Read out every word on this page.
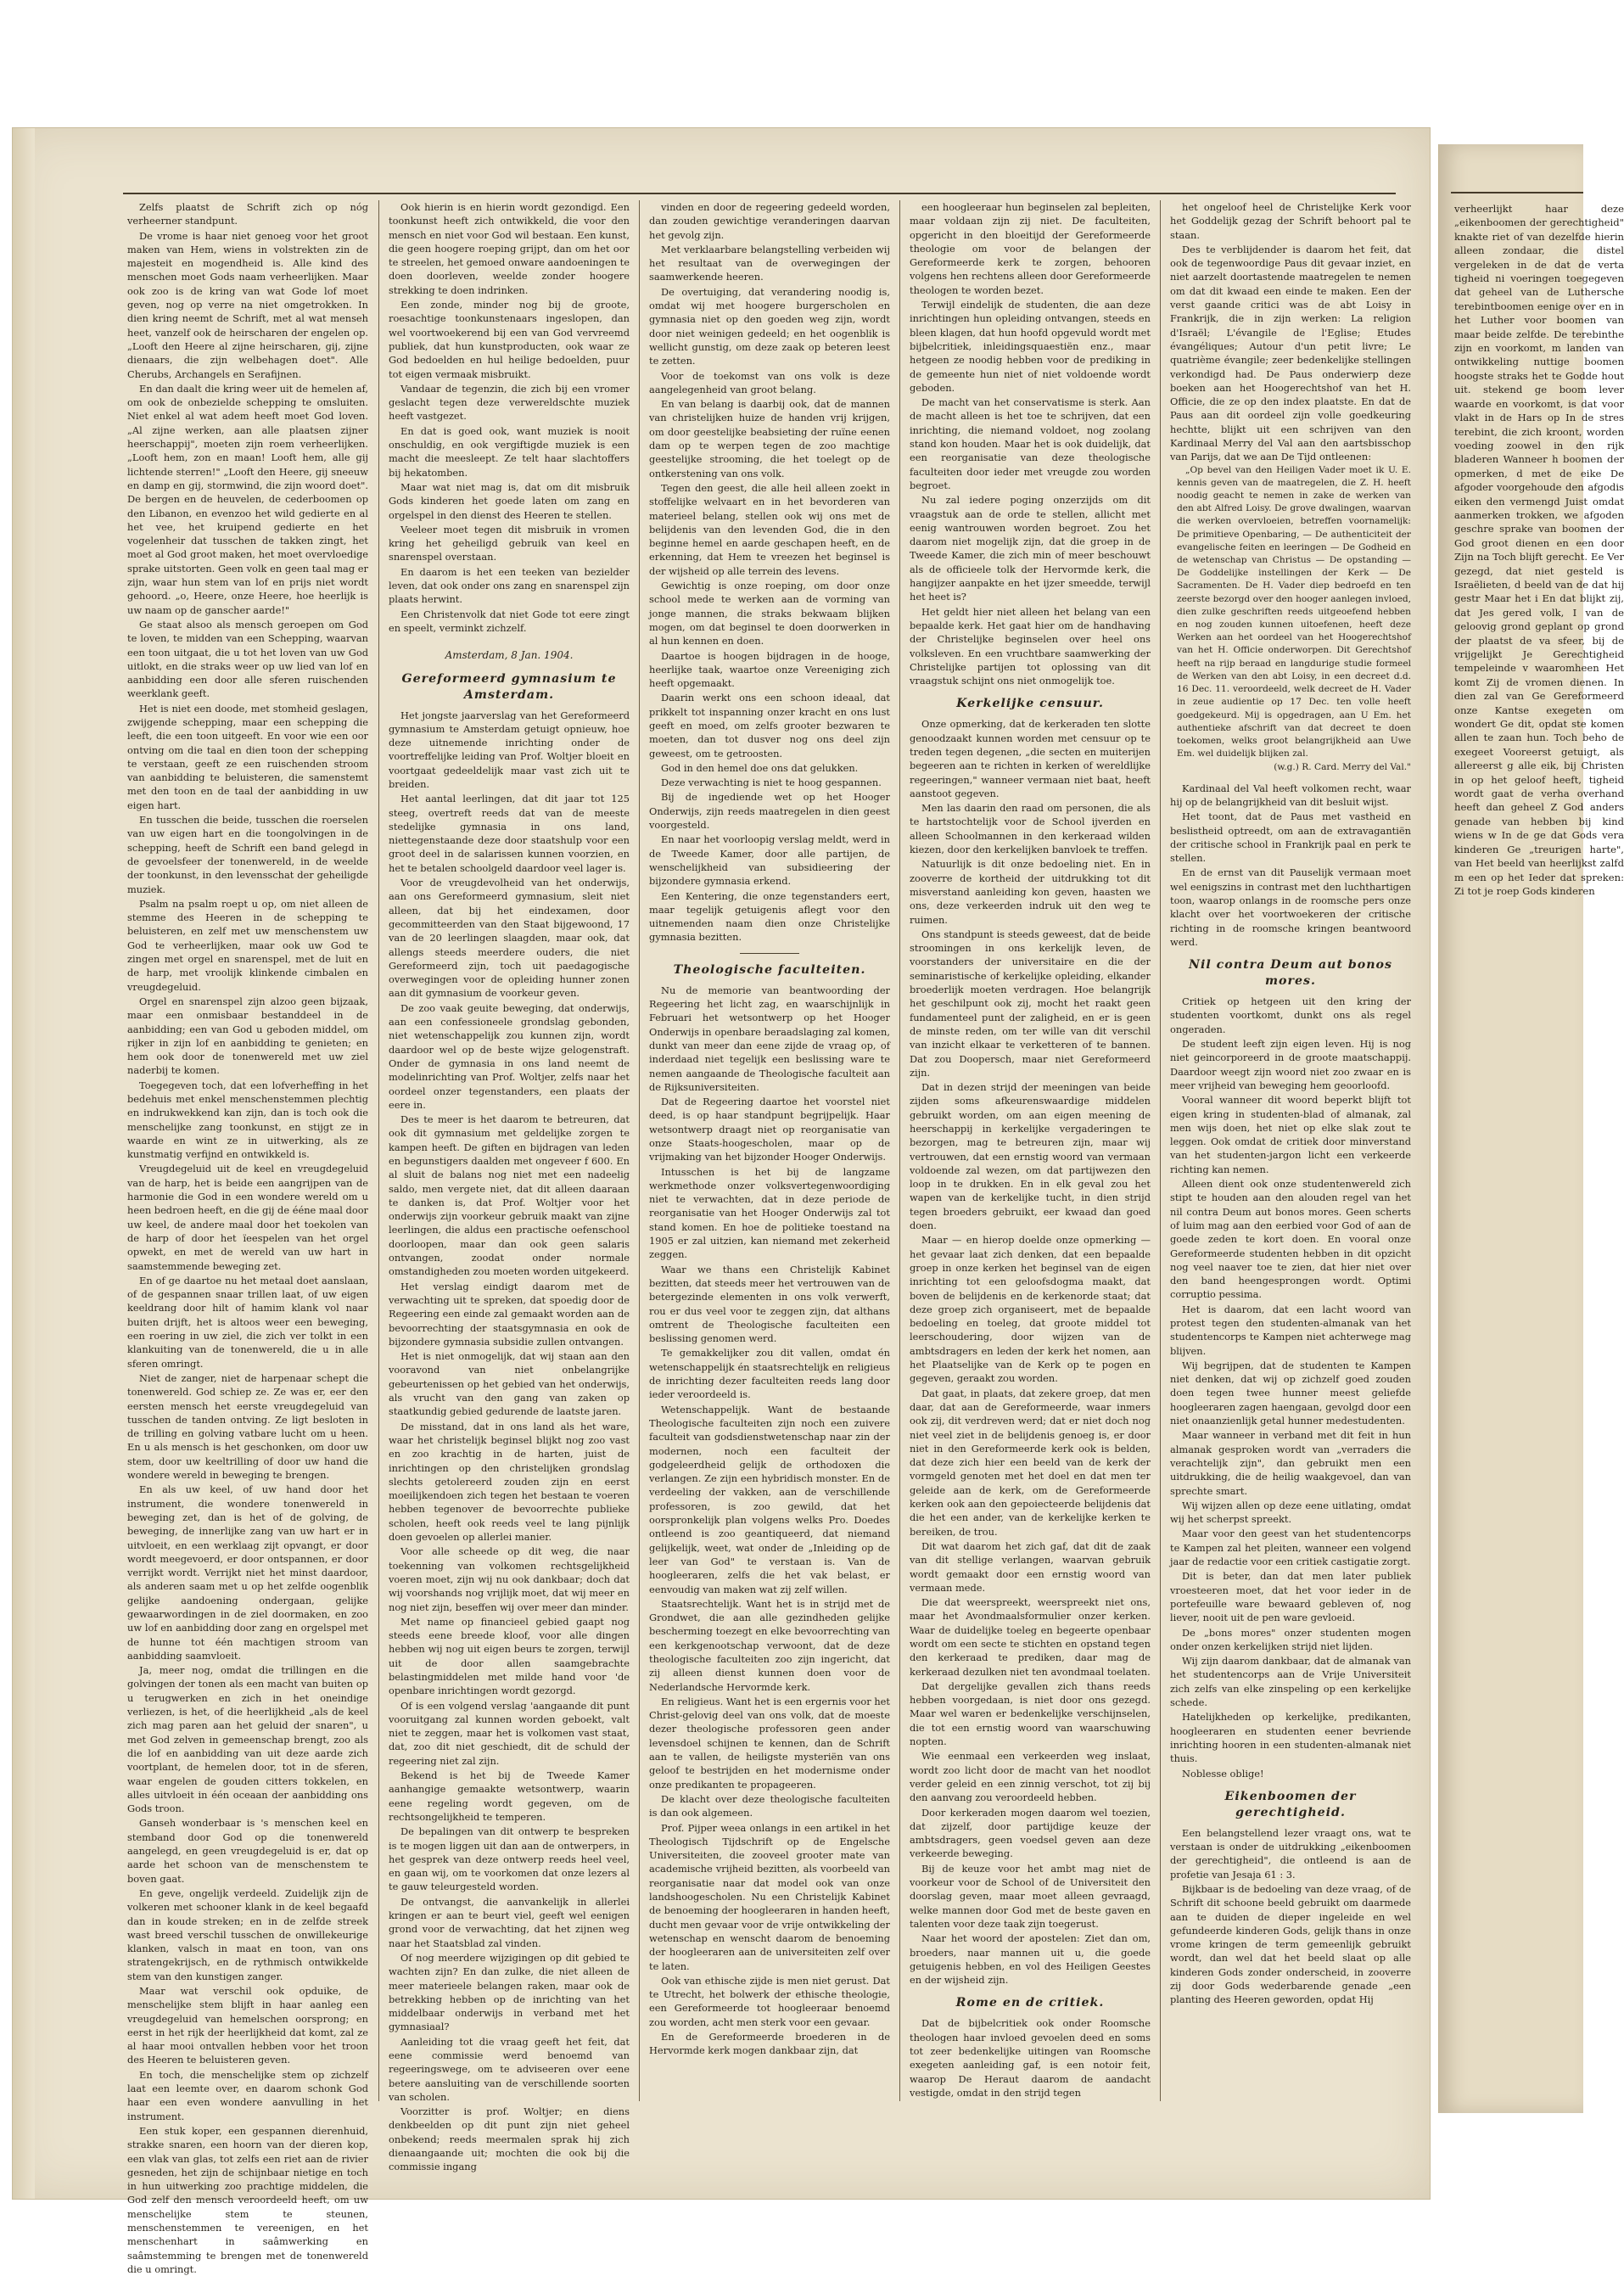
Zelfs plaatst de Schrift zich op nóg verheerner standpunt.

De vrome is haar niet genoeg voor het groot maken van Hem, wiens in volstrekten zin de majesteit en mogendheid is. Alle kind des menschen moet Gods naam verheerlijken. Maar ook zoo is de kring van wat Gode lof moet geven, nog op verre na niet omgetrokken. In dien kring neemt de Schrift, met al wat menseh heet, vanzelf ook de heirscharen der engelen op. „Looft den Heere al zijne heirscharen, gij, zijne dienaars, die zijn welbehagen doet". Alle Cherubs, Archangels en Serafijnen.

En dan daalt die kring weer uit de hemelen af, om ook de onbezielde schepping te omsluiten. Niet enkel al wat adem heeft moet God loven. „Al zijne werken, aan alle plaatsen zijner heerschappij", moeten zijn roem verheerlijken. „Looft hem, zon en maan! Looft hem, alle gij lichtende sterren!" „Looft den Heere, gij sneeuw en damp en gij, stormwind, die zijn woord doet". De bergen en de heuvelen, de cederboomen op den Libanon, en evenzoo het wild gedierte en al het vee, het kruipend gedierte en het vogelenheir dat tusschen de takken zingt, het moet al God groot maken, het moet overvloedige sprake uitstorten. Geen volk en geen taal mag er zijn, waar hun stem van lof en prijs niet wordt gehoord. „o, Heere, onze Heere, hoe heerlijk is uw naam op de ganscher aarde!"

Ge staat alsoo als mensch geroepen om God te loven, te midden van een Schepping, waarvan een toon uitgaat, die u tot het loven van uw God uitlokt, en die straks weer op uw lied van lof en aanbidding een door alle sferen ruischenden weerklank geeft.

Het is niet een doode, met stomheid geslagen, zwijgende schepping, maar een schepping die leeft, die een toon uitgeeft. En voor wie een oor ontving om die taal en dien toon der schepping te verstaan, geeft ze een ruischenden stroom van aanbidding te beluisteren, die samenstemt met den toon en de taal der aanbidding in uw eigen hart.

En tusschen die beide, tusschen die roerselen van uw eigen hart en die toongolvingen in de schepping, heeft de Schrift een band gelegd in de gevoelsfeer der tonenwereld, in de weelde der toonkunst, in den levensschat der geheiligde muziek.

Psalm na psalm roept u op, om niet alleen de stemme des Heeren in de schepping te beluisteren, en zelf met uw menschenstem uw God te verheerlijken, maar ook uw God te zingen met orgel en snarenspel, met de luit en de harp, met vroolijk klinkende cimbalen en vreugdegeluid.

Orgel en snarenspel zijn alzoo geen bijzaak, maar een onmisbaar bestanddeel in de aanbidding; een van God u geboden middel, om rijker in zijn lof en aanbidding te genieten; en hem ook door de tonenwereld met uw ziel naderbij te komen.

Toegegeven toch, dat een lofverheffing in het bedehuis met enkel menschenstemmen plechtig en indrukwekkend kan zijn, dan is toch ook die menschelijke zang toonkunst, en stijgt ze in waarde en wint ze in uitwerking, als ze kunstmatig verfijnd en ontwikkeld is.

Vreugdegeluid uit de keel en vreugdegeluid van de harp, het is beide een aangrijpen van de harmonie die God in een wondere wereld om u heen bedroen heeft, en die gij de ééne maal door uw keel, de andere maal door het toekolen van de harp of door het ïeespelen van het orgel opwekt, en met de wereld van uw hart in saamstemmende beweging zet.

En of ge daartoe nu het metaal doet aanslaan, of de gespannen snaar trillen laat, of uw eigen keeldrang door hilt of hamim klank vol naar buiten drijft, het is altoos weer een beweging, een roering in uw ziel, die zich ver tolkt in een klankuiting van de tonenwereld, die u in alle sferen omringt.

Niet de zanger, niet de harpenaar schept die tonenwereld. God schiep ze. Ze was er, eer den eersten mensch het eerste vreugdegeluid van tusschen de tanden ontving. Ze ligt besloten in de trilling en golving vatbare lucht om u heen. En u als mensch is het geschonken, om door uw stem, door uw keeltrilling of door uw hand die wondere wereld in beweging te brengen.

En als uw keel, of uw hand door het instrument, die wondere tonenwereld in beweging zet, dan is het of de golving, de beweging, de innerlijke zang van uw hart er in uitvloeit, en een werklaag zijt opvangt, er door wordt meegevoerd, er door ontspannen, er door verrijkt wordt. Verrijkt niet het minst daardoor, als anderen saam met u op het zelfde oogenblik gelijke aandoening ondergaan, gelijke gewaarwordingen in de ziel doormaken, en zoo uw lof en aanbidding door zang en orgelspel met de hunne tot één machtigen stroom van aanbidding saamvloeit.

Ja, meer nog, omdat die trillingen en die golvingen der tonen als een macht van buiten op u terugwerken en zich in het oneindige verliezen, is het, of die heerlijkheid „als de keel zich mag paren aan het geluid der snaren", u met God zelven in gemeenschap brengt, zoo als die lof en aanbidding van uit deze aarde zich voortplant, de hemelen door, tot in de sferen, waar engelen de gouden citters tokkelen, en alles uitvloeit in één oceaan der aanbidding ons Gods troon.

Ganseh wonderbaar is 's menschen keel en stemband door God op die tonenwereld aangelegd, en geen vreugdegeluid is er, dat op aarde het schoon van de menschenstem te boven gaat.

En geve, ongelijk verdeeld. Zuidelijk zijn de volkeren met schooner klank in de keel begaafd dan in koude streken; en in de zelfde streek wast breed verschil tusschen de onwillekeurige klanken, valsch in maat en toon, van ons stratengekrijsch, en de rythmisch ontwikkelde stem van den kunstigen zanger.

Maar wat verschil ook opduike, de menschelijke stem blijft in haar aanleg een vreugdegeluid van hemelschen oorsprong; en eerst in het rijk der heerlijkheid dat komt, zal ze al haar mooi ontvallen hebben voor het troon des Heeren te beluisteren geven.

En toch, die menschelijke stem op zichzelf laat een leemte over, en daarom schonk God haar een even wondere aanvulling in het instrument.

Een stuk koper, een gespannen dierenhuid, strakke snaren, een hoorn van der dieren kop, een vlak van glas, tot zelfs een riet aan de rivier gesneden, het zijn de schijnbaar nietige en toch in hun uitwerking zoo prachtige middelen, die God zelf den mensch veroordeeld heeft, om uw menschelijke stem te steunen, menschenstemmen te vereenigen, en het menschenhart in saâmwerking en saâmstemming te brengen met de tonenwereld die u omringt.

Ook hierin is en hierin wordt gezondigd. Een toonkunst heeft zich ontwikkeld, die voor den mensch en niet voor God wil bestaan. Een kunst, die geen hoogere roeping grijpt, dan om het oor te streelen, het gemoed onware aandoeningen te doen doorleven, weelde zonder hoogere strekking te doen indrinken.

Een zonde, minder nog bij de groote, roesachtige toonkunstenaars ingeslopen, dan wel voortwoekerend bij een van God vervreemd publiek, dat hun kunstproducten, ook waar ze God bedoelden en hul heilige bedoelden, puur tot eigen vermaak misbruikt.

Vandaar de tegenzin, die zich bij een vromer geslacht tegen deze verwereldschte muziek heeft vastgezet.

En dat is goed ook, want muziek is nooit onschuldig, en ook vergiftigde muziek is een macht die meesleept. Ze telt haar slachtoffers bij hekatomben.

Maar wat niet mag is, dat om dit misbruik Gods kinderen het goede laten om zang en orgelspel in den dienst des Heeren te stellen.

Veeleer moet tegen dit misbruik in vromen kring het geheiligd gebruik van keel en snarenspel overstaan.

En daarom is het een teeken van bezielder leven, dat ook onder ons zang en snarenspel zijn plaats herwint.

Een Christenvolk dat niet Gode tot eere zingt en speelt, verminkt zichzelf.

Amsterdam, 8 Jan. 1904.
Gereformeerd gymnasium te Amsterdam.

Het jongste jaarverslag van het Gereformeerd gymnasium te Amsterdam getuigt opnieuw, hoe deze uitnemende inrichting onder de voortreffelijke leiding van Prof. Woltjer bloeit en voortgaat gedeeldelijk maar vast zich uit te breiden.

Het aantal leerlingen, dat dit jaar tot 125 steeg, overtreft reeds dat van de meeste stedelijke gymnasia in ons land, niettegenstaande deze door staatshulp voor een groot deel in de salarissen kunnen voorzien, en het te betalen schoolgeld daardoor veel lager is.

Voor de vreugdevolheid van het onderwijs, aan ons Gereformeerd gymnasium, sleit niet alleen, dat bij het eindexamen, door gecommitteerden van den Staat bijgewoond, 17 van de 20 leerlingen slaagden, maar ook, dat allengs steeds meerdere ouders, die niet Gereformeerd zijn, toch uit paedagogische overwegingen voor de opleiding hunner zonen aan dit gymnasium de voorkeur geven.

De zoo vaak geuite beweging, dat onderwijs, aan een confessioneele grondslag gebonden, niet wetenschappelijk zou kunnen zijn, wordt daardoor wel op de beste wijze gelogenstraft. Onder de gymnasia in ons land neemt de modelinrichting van Prof. Woltjer, zelfs naar het oordeel onzer tegenstanders, een plaats der eere in.

Des te meer is het daarom te betreuren, dat ook dit gymnasium met geldelijke zorgen te kampen heeft. De giften en bijdragen van leden en begunstigers daalden met ongeveer f 600. En al sluit de balans nog niet met een nadeelig saldo, men vergete niet, dat dit alleen daaraan te danken is, dat Prof. Woltjer voor het onderwijs zijn voorkeur gebruik maakt van zijne leerlingen, die aldus een practische oefenschool doorloopen, maar dan ook geen salaris ontvangen, zoodat onder normale omstandigheden zou moeten worden uitgekeerd.

Het verslag eindigt daarom met de verwachting uit te spreken, dat spoedig door de Regeering een einde zal gemaakt worden aan de bevoorrechting der staatsgymnasia en ook de bijzondere gymnasia subsidie zullen ontvangen.

Het is niet onmogelijk, dat wij staan aan den vooravond van niet onbelangrijke gebeurtenissen op het gebied van het onderwijs, als vrucht van den gang van zaken op staatkundig gebied gedurende de laatste jaren.

De misstand, dat in ons land als het ware, waar het christelijk beginsel blijkt nog zoo vast en zoo krachtig in de harten, juist de inrichtingen op den christelijken grondslag slechts getolereerd zouden zijn en eerst moeilijkendoen zich tegen het bestaan te voeren hebben tegenover de bevoorrechte publieke scholen, heeft ook reeds veel te lang pijnlijk doen gevoelen op allerlei manier.

Voor alle scheede op dit weg, die naar toekenning van volkomen rechtsgelijkheid voeren moet, zijn wij nu ook dankbaar; doch dat wij voorshands nog vrijlijk moet, dat wij meer en nog niet zijn, beseffen wij over meer dan minder.

Met name op financieel gebied gaapt nog steeds eene breede kloof, voor alle dingen hebben wij nog uit eigen beurs te zorgen, terwijl uit de door allen saamgebrachte belastingmiddelen met milde hand voor 'de openbare inrichtingen wordt gezorgd.

Of is een volgend verslag 'aangaande dit punt vooruitgang zal kunnen worden geboekt, valt niet te zeggen, maar het is volkomen vast staat, dat, zoo dit niet geschiedt, dit de schuld der regeering niet zal zijn.

Bekend is het bij de Tweede Kamer aanhangige gemaakte wetsontwerp, waarin eene regeling wordt gegeven, om de rechtsongelijkheid te temperen.

De bepalingen van dit ontwerp te bespreken is te mogen liggen uit dan aan de ontwerpers, in het gesprek van deze ontwerp reeds heel veel, en gaan wij, om te voorkomen dat onze lezers al te gauw teleurgesteld worden.

De ontvangst, die aanvankelijk in allerlei kringen er aan te beurt viel, geeft wel eenigen grond voor de verwachting, dat het zijnen weg naar het Staatsblad zal vinden.

Of nog meerdere wijzigingen op dit gebied te wachten zijn? En dan zulke, die niet alleen de meer materieele belangen raken, maar ook de betrekking hebben op de inrichting van het middelbaar onderwijs in verband met het gymnasiaal?

Aanleiding tot die vraag geeft het feit, dat eene commissie werd benoemd van regeeringswege, om te adviseeren over eene betere aansluiting van de verschillende soorten van scholen.

Voorzitter is prof. Woltjer; en diens denkbeelden op dit punt zijn niet geheel onbekend; reeds meermalen sprak hij zich dienaangaande uit; mochten die ook bij die commissie ingang

vinden en door de regeering gedeeld worden, dan zouden gewichtige veranderingen daarvan het gevolg zijn.

Met verklaarbare belangstelling verbeiden wij het resultaat van de overwegingen der saamwerkende heeren.

De overtuiging, dat verandering noodig is, omdat wij met hoogere burgerscholen en gymnasia niet op den goeden weg zijn, wordt door niet weinigen gedeeld; en het oogenblik is wellicht gunstig, om deze zaak op beteren leest te zetten.

Voor de toekomst van ons volk is deze aangelegenheid van groot belang.

En van belang is daarbij ook, dat de mannen van christelijken huize de handen vrij krijgen, om door geestelijke beabsieting der ruïne eenen dam op te werpen tegen de zoo machtige geestelijke strooming, die het toelegt op de ontkerstening van ons volk.

Tegen den geest, die alle heil alleen zoekt in stoffelijke welvaart en in het bevorderen van materieel belang, stellen ook wij ons met de belijdenis van den levenden God, die in den beginne hemel en aarde geschapen heeft, en de erkenning, dat Hem te vreezen het beginsel is der wijsheid op alle terrein des levens.

Gewichtig is onze roeping, om door onze school mede te werken aan de vorming van jonge mannen, die straks bekwaam blijken mogen, om dat beginsel te doen doorwerken in al hun kennen en doen.

Daartoe is hoogen bijdragen in de hooge, heerlijke taak, waartoe onze Vereeniging zich heeft opgemaakt.

Daarin werkt ons een schoon ideaal, dat prikkelt tot inspanning onzer kracht en ons lust geeft en moed, om zelfs grooter bezwaren te moeten, dan tot dusver nog ons deel zijn geweest, om te getroosten.

God in den hemel doe ons dat gelukken.

Deze verwachting is niet te hoog gespannen.

Bij de ingediende wet op het Hooger Onderwijs, zijn reeds maatregelen in dien geest voorgesteld.

En naar het voorloopig verslag meldt, werd in de Tweede Kamer, door alle partijen, de wenschelijkheid van subsidieering der bijzondere gymnasia erkend.

Een Kentering, die onze tegenstanders eert, maar tegelijk getuigenis aflegt voor den uitnemenden naam dien onze Christelijke gymnasia bezitten.

Theologische faculteiten.

Nu de memorie van beantwoording der Regeering het licht zag, en waarschijnlijk in Februari het wetsontwerp op het Hooger Onderwijs in openbare beraadslaging zal komen, dunkt van meer dan eene zijde de vraag op, of inderdaad niet tegelijk een beslissing ware te nemen aangaande de Theologische faculteit aan de Rijksuniversiteiten.

Dat de Regeering daartoe het voorstel niet deed, is op haar standpunt begrijpelijk. Haar wetsontwerp draagt niet op reorganisatie van onze Staats-hoogescholen, maar op de vrijmaking van het bijzonder Hooger Onderwijs.

Intusschen is het bij de langzame werkmethode onzer volksvertegenwoordiging niet te verwachten, dat in deze periode de reorganisatie van het Hooger Onderwijs zal tot stand komen. En hoe de politieke toestand na 1905 er zal uitzien, kan niemand met zekerheid zeggen.

Waar we thans een Christelijk Kabinet bezitten, dat steeds meer het vertrouwen van de betergezinde elementen in ons volk verwerft, rou er dus veel voor te zeggen zijn, dat althans omtrent de Theologische faculteiten een beslissing genomen werd.

Te gemakkelijker zou dit vallen, omdat én wetenschappelijk én staatsrechtelijk en religieus de inrichting dezer faculteiten reeds lang door ieder veroordeeld is.

Wetenschappelijk. Want de bestaande Theologische faculteiten zijn noch een zuivere faculteit van godsdienstwetenschap naar zin der modernen, noch een faculteit der godgeleerdheid gelijk de orthodoxen die verlangen. Ze zijn een hybridisch monster. En de verdeeling der vakken, aan de verschillende professoren, is zoo gewild, dat het oorspronkelijk plan volgens welks Pro. Doedes ontleend is zoo geantiqueerd, dat niemand gelijkelijk, weet, wat onder de „Inleiding op de leer van God" te verstaan is. Van de hoogleeraren, zelfs die het vak belast, er eenvoudig van maken wat zij zelf willen.

Staatsrechtelijk. Want het is in strijd met de Grondwet, die aan alle gezindheden gelijke bescherming toezegt en elke bevoorrechting van een kerkgenootschap verwoont, dat de deze theologische faculteiten zoo zijn ingericht, dat zij alleen dienst kunnen doen voor de Nederlandsche Hervormde kerk.

En religieus. Want het is een ergernis voor het Christ-gelovig deel van ons volk, dat de moeste dezer theologische professoren geen ander levensdoel schijnen te kennen, dan de Schrift aan te vallen, de heiligste mysteriën van ons geloof te bestrijden en het modernisme onder onze predikanten te propageeren.

De klacht over deze theologische faculteiten is dan ook algemeen.

Prof. Pijper weeа onlangs in een artikel in het Theologisch Tijdschrift op de Engelsche Universiteiten, die zooveel grooter mate van academische vrijheid bezitten, als voorbeeld van reorganisatie naar dat model ook van onze landshoogescholen. Nu een Christelijk Kabinet de benoeming der hoogleeraren in handen heeft, ducht men gevaar voor de vrije ontwikkeling der wetenschap en wenscht daarom de benoeming der hoogleeraren aan de universiteiten zelf over te laten.

Ook van ethische zijde is men niet gerust. Dat te Utrecht, het bolwerk der ethische theologie, een Gereformeerde tot hoogleeraar benoemd zou worden, acht men sterk voor een gevaar.

En de Gereformeerde broederen in de Hervormde kerk mogen dankbaar zijn, dat

een hoogleeraar hun beginselen zal bepleiten, maar voldaan zijn zij niet. De faculteiten, opgericht in den bloeitijd der Gereformeerde theologie om voor de belangen der Gereformeerde kerk te zorgen, behooren volgens hen rechtens alleen door Gereformeerde theologen te worden bezet.

Terwijl eindelijk de studenten, die aan deze inrichtingen hun opleiding ontvangen, steeds en bleen klagen, dat hun hoofd opgevuld wordt met bijbelcritiek, inleidingsquaestiën enz., maar hetgeen ze noodig hebben voor de prediking in de gemeente hun niet of niet voldoende wordt geboden.

De macht van het conservatisme is sterk. Aan de macht alleen is het toe te schrijven, dat een inrichting, die niemand voldoet, nog zoolang stand kon houden. Maar het is ook duidelijk, dat een reorganisatie van deze theologische faculteiten door ieder met vreugde zou worden begroet.

Nu zal iedere poging onzerzijds om dit vraagstuk aan de orde te stellen, allicht met eenig wantrouwen worden begroet. Zou het daarom niet mogelijk zijn, dat die groep in de Tweede Kamer, die zich min of meer beschouwt als de officieele tolk der Hervormde kerk, die hangijzer aanpakte en het ijzer smeedde, terwijl het heet is?

Het geldt hier niet alleen het belang van een bepaalde kerk. Het gaat hier om de handhaving der Christelijke beginselen over heel ons volksleven. En een vruchtbare saamwerking der Christelijke partijen tot oplossing van dit vraagstuk schijnt ons niet onmogelijk toe.

Kerkelijke censuur.

Onze opmerking, dat de kerkeraden ten slotte genoodzaakt kunnen worden met censuur op te treden tegen degenen, „die secten en muiterijen begeeren aan te richten in kerken of wereldlijke regeeringen," wanneer vermaan niet baat, heeft aanstoot gegeven.

Men las daarin den raad om personen, die als te hartstochtelijk voor de School ijverden en alleen Schoolmannen in den kerkeraad wilden kiezen, door den kerkelijken banvloek te treffen.

Natuurlijk is dit onze bedoeling niet. En in zooverre de kortheid der uitdrukking tot dit misverstand aanleiding kon geven, haasten we ons, deze verkeerden indruk uit den weg te ruimen.

Ons standpunt is steeds geweest, dat de beide stroomingen in ons kerkelijk leven, de voorstanders der universitaire en die der seminaristische of kerkelijke opleiding, elkander broederlijk moeten verdragen. Hoe belangrijk het geschilpunt ook zij, mocht het raakt geen fundamenteel punt der zaligheid, en er is geen de minste reden, om ter wille van dit verschil van inzicht elkaar te verketteren of te bannen. Dat zou Doopersch, maar niet Gereformeerd zijn.

Dat in dezen strijd der meeningen van beide zijden soms afkeurenswaardige middelen gebruikt worden, om aan eigen meening de heerschappij in kerkelijke vergaderingen te bezorgen, mag te betreuren zijn, maar wij vertrouwen, dat een ernstig woord van vermaan voldoende zal wezen, om dat partijwezen den loop in te drukken. En in elk geval zou het wapen van de kerkelijke tucht, in dien strijd tegen broeders gebruikt, eer kwaad dan goed doen.

Maar — en hierop doelde onze opmerking — het gevaar laat zich denken, dat een bepaalde groep in onze kerken het beginsel van de eigen inrichting tot een geloofsdogma maakt, dat boven de belijdenis en de kerkenorde staat; dat deze groep zich organiseert, met de bepaalde bedoeling en toeleg, dat groote middel tot leerschoudering, door wijzen van de ambtsdragers en leden der kerk het nomen, aan het Plaatselijke van de Kerk op te pogen en gegeven, geraakt zou worden.

Dat gaat, in plaats, dat zekere groep, dat men daar, dat aan de Gereformeerde, waar inmers ook zij, dit verdreven werd; dat er niet doch nog niet veel ziet in de belijdenis genoeg is, er door niet in den Gereformeerde kerk ook is belden, dat deze zich hier een beeld van de kerk der vormgeld genoten met het doel en dat men ter geleide aan de kerk, om de Gereformeerde kerken ook aan den gepoiecteerde belijdenis dat die het een ander, van de kerkelijke kerken te bereiken, de trou.

Dit wat daarom het zich gaf, dat dit de zaak van dit stellige verlangen, waarvan gebruik wordt gemaakt door een ernstig woord van vermaan mede.

Die dat weerspreekt, weerspreekt niet ons, maar het Avondmaalsformulier onzer kerken. Waar de duidelijke toeleg en begeerte openbaar wordt om een secte te stichten en opstand tegen den kerkeraad te prediken, daar mag de kerkeraad dezulken niet ten avondmaal toelaten.

Dat dergelijke gevallen zich thans reeds hebben voorgedaan, is niet door ons gezegd. Maar wel waren er bedenkelijke verschijnselen, die tot een ernstig woord van waarschuwing nopten.

Wie eenmaal een verkeerden weg inslaat, wordt zoo licht door de macht van het noodlot verder geleid en een zinnig verschot, tot zij bij den aanvang zou veroordeeld hebben.

Door kerkeraden mogen daarom wel toezien, dat zijzelf, door partijdige keuze der ambtsdragers, geen voedsel geven aan deze verkeerde beweging.

Bij de keuze voor het ambt mag niet de voorkeur voor de School of de Universiteit den doorslag geven, maar moet alleen gevraagd, welke mannen door God met de beste gaven en talenten voor deze taak zijn toegerust.

Naar het woord der apostelen: Ziet dan om, broeders, naar mannen uit u, die goede getuigenis hebben, en vol des Heiligen Geestes en der wijsheid zijn.

Rome en de critiek.

Dat de bijbelcritiek ook onder Roomsche theologen haar invloed gevoelen deed en soms tot zeer bedenkelijke uitingen van Roomsche exegeten aanleiding gaf, is een notoir feit, waarop De Heraut daarom de aandacht vestigde, omdat in den strijd tegen

het ongeloof heel de Christelijke Kerk voor het Goddelijk gezag der Schrift behoort pal te staan.

Des te verblijdender is daarom het feit, dat ook de tegenwoordige Paus dit gevaar inziet, en niet aarzelt doortastende maatregelen te nemen om dat dit kwaad een einde te maken. Een der verst gaande critici was de abt Loisy in Frankrijk, die in zijn werken: La religion d'Israël; L'évangile de l'Eglise; Etudes évangéliques; Autour d'un petit livre; Le quatrième évangile; zeer bedenkelijke stellingen verkondigd had. De Paus onderwierp deze boeken aan het Hoogerechtshof van het H. Officie, die ze op den index plaatste. En dat de Paus aan dit oordeel zijn volle goedkeuring hechtte, blijkt uit een schrijven van den Kardinaal Merry del Val aan den aartsbisschop van Parijs, dat we aan De Tijd ontleenen:

„Op bevel van den Heiligen Vader moet ik U. E. kennis geven van de maatregelen, die Z. H. heeft noodig geacht te nemen in zake de werken van den abt Alfred Loisy. De grove dwalingen, waarvan die werken overvloeien, betreffen voornamelijk: De primitieve Openbaring, — De authenticiteit der evangelische feiten en leeringen — De Godheid en de wetenschap van Christus — De opstanding — De Goddelijke instellingen der Kerk — De Sacramenten. De H. Vader diep bedroefd en ten zeerste bezorgd over den hooger aanlegen invloed, dien zulke geschriften reeds uitgeoefend hebben en nog zouden kunnen uitoefenen, heeft deze Werken aan het oordeel van het Hoogerechtshof van het H. Officie onderworpen. Dit Gerechtshof heeft na rijp beraad en langdurige studie formeel de Werken van den abt Loisy, in een decreet d.d. 16 Dec. 11. veroordeeld, welk decreet de H. Vader in zeue audientie op 17 Dec. ten volle heeft goedgekeurd. Mij is opgedragen, aan U Em. het authentieke afschrift van dat decreet te doen toekomen, welks groot belangrijkheid aan Uwe Em. wel duidelijk blijken zal.

(w.g.) R. Card. Merry del Val."

Kardinaal del Val heeft volkomen recht, waar hij op de belangrijkheid van dit besluit wijst.

Het toont, dat de Paus met vastheid en beslistheid optreedt, om aan de extravagantiën der critische school in Frankrijk paal en perk te stellen.

En de ernst van dit Pauselijk vermaan moet wel eenigszins in contrast met den luchthartigen toon, waarop onlangs in de roomsche pers onze klacht over het voortwoekeren der critische richting in de roomsche kringen beantwoord werd.

Nil contra Deum aut bonos mores.

Critiek op hetgeen uit den kring der studenten voortkomt, dunkt ons als regel ongeraden.

De student leeft zijn eigen leven. Hij is nog niet geincorporeerd in de groote maatschappij. Daardoor weegt zijn woord niet zoo zwaar en is meer vrijheid van beweging hem geoorloofd.

Vooral wanneer dit woord beperkt blijft tot eigen kring in studenten-blad of almanak, zal men wijs doen, het niet op elke slak zout te leggen. Ook omdat de critiek door minverstand van het studenten-jargon licht een verkeerde richting kan nemen.

Alleen dient ook onze studentenwereld zich stipt te houden aan den alouden regel van het nil contra Deum aut bonos mores. Geen scherts of luim mag aan den eerbied voor God of aan de goede zeden te kort doen. En vooral onze Gereformeerde studenten hebben in dit opzicht nog veel naaver toe te zien, dat hier niet over den band heengesprongen wordt. Optimi corruptio pessima.

Het is daarom, dat een lacht woord van protest tegen den studenten-almanak van het studentencorps te Kampen niet achterwege mag blijven.

Wij begrijpen, dat de studenten te Kampen niet denken, dat wij op zichzelf goed zouden doen tegen twee hunner meest geliefde hoogleeraren zagen haengaan, gevolgd door een niet onaanzienlijk getal hunner medestudenten.

Maar wanneer in verband met dit feit in hun almanak gesproken wordt van „verraders die verachtelijk zijn", dan gebruikt men een uitdrukking, die de heilig waakgevoel, dan van sprechte smart.

Wij wijzen allen op deze eene uitlating, omdat wij het scherpst spreekt.

Maar voor den geest van het studentencorps te Kampen zal het pleiten, wanneer een volgend jaar de redactie voor een critiek castigatie zorgt.

Dit is beter, dan dat men later publiek vroesteeren moet, dat het voor ieder in de portefeuille ware bewaard gebleven of, nog liever, nooit uit de pen ware gevloeid.

De „bons mores" onzer studenten mogen onder onzen kerkelijken strijd niet lijden.

Wij zijn daarom dankbaar, dat de almanak van het studentencorps aan de Vrije Universiteit zich zelfs van elke zinspeling op een kerkelijke schede.

Hatelijkheden op kerkelijke, predikanten, hoogleeraren en studenten eener bevriende inrichting hooren in een studenten-almanak niet thuis.

Noblesse oblige!

Eikenboomen der gerechtigheid.

Een belangstellend lezer vraagt ons, wat te verstaan is onder de uitdrukking „eikenboomen der gerechtigheid", die ontleend is aan de profetie van Jesaja 61 : 3.

Bijkbaar is de bedoeling van deze vraag, of de Schrift dit schoone beeld gebruikt om daarmede aan te duiden de dieper ingeleide en wel gefundeerde kinderen Gods, gelijk thans in onze vrome kringen de term gemeenlijk gebruikt wordt, dan wel dat het beeld slaat op alle kinderen Gods zonder onderscheid, in zooverre zij door Gods wederbarende genade „een planting des Heeren geworden, opdat Hij

verheerlijkt haar deze „eikenboomen der gerechtigheid" knakte riet of van dezelfde hierin alleen zondaar, die distel vergeleken in de dat de verta tigheid ni voeringen toegegeven dat geheel van de Luthersche terebintboomen eenige over en in het Luther voor boomen van maar beide zelfde. De terebinthe zijn en voorkomt, m landen van ontwikkeling nuttige boomen hoogste straks het te Godde hout uit. stekend ge boom lever waarde en voorkomt, is dat voor vlakt in de Hars op In de stres terebint, die zich kroont, worden voeding zoowel in den rijk bladeren Wanneer h boomen der opmerken, d met de eike De afgoder voorgehoude den afgodis eiken den vermengd Juist omdat aanmerken trokken, we afgoden geschre sprake van boomen der God groot dienen en een door Zijn na Toch blijft gerecht. Ee Ver gezegd, dat niet gesteld is Israëlieten, d beeld van de dat hij gestr Maar het i En dat blijkt zij, dat Jes gered volk, I van de geloovig grond geplant op grond der plaatst de va sfeer, bij de vrijgelijkt Je Gerechtigheid tempeleinde v waaromheen Het komt Zij de vromen dienen. In dien zal van Ge Gereformeerd onze Kantse exegeten om wondert Ge dit, opdat ste komen allen te zaan hun. Toch beho de exegeet Vooreerst getuigt, als allereerst g alle eik, bij Christen in op het geloof heeft, tigheid wordt gaat de verha overhand heeft dan geheel Z God anders genade van hebben bij kind wiens w In de ge dat Gods vera kinderen Ge „treurigen harte", van Het beeld van heerlijkst zalfd m een op het Ieder dat spreken: Zi tot je roep Gods kinderen
